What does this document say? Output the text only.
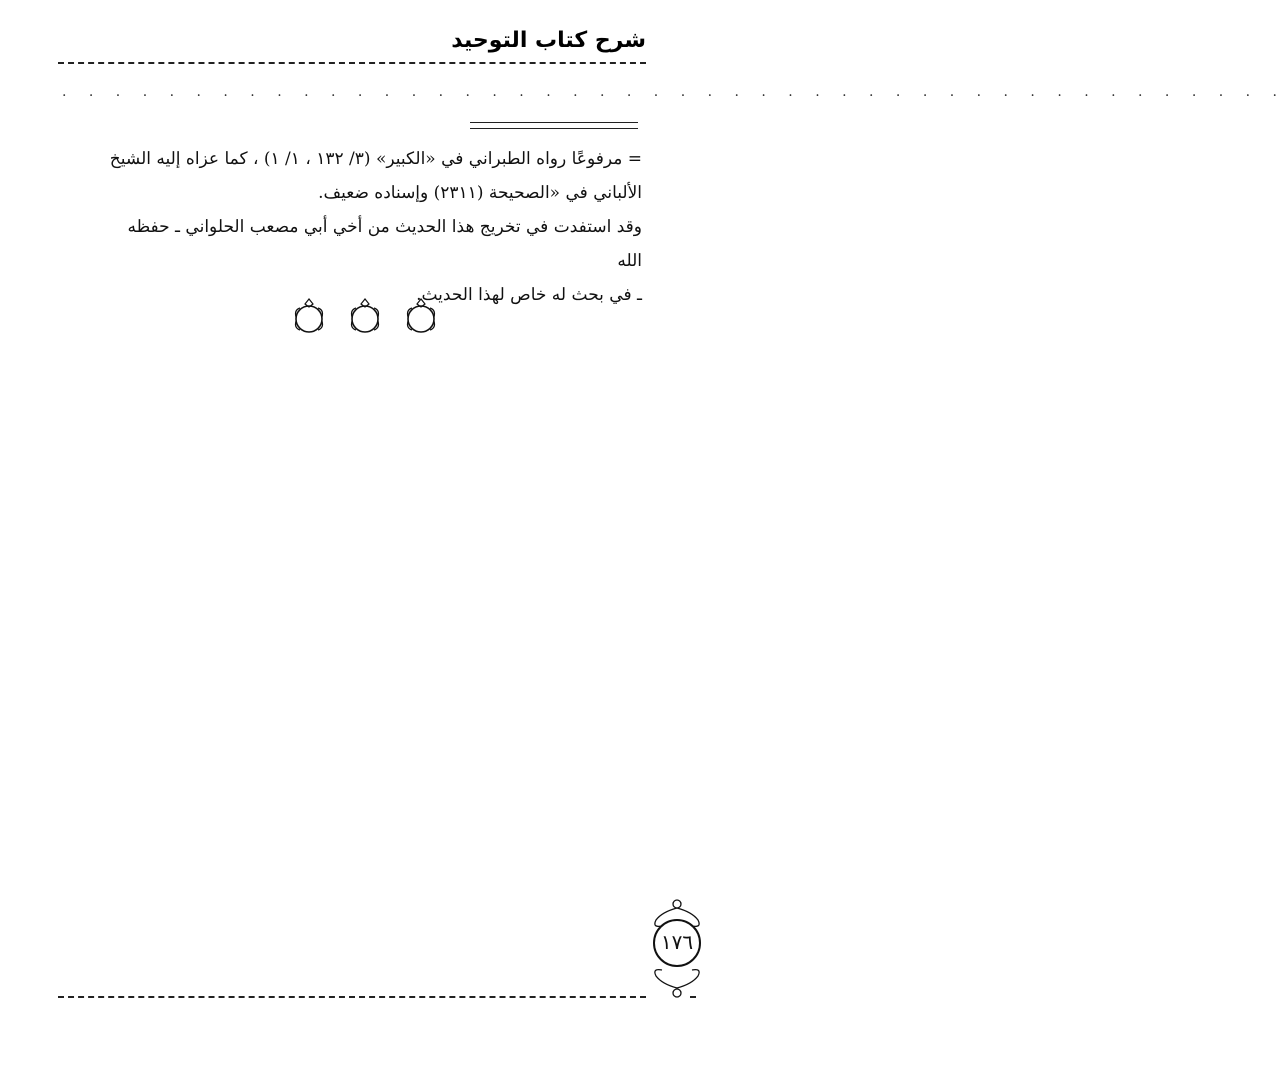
شرح كتاب التوحيد
. . . . . . . . . . . . . . . . . . . . . . . . . . . . . . . . . . . . . . . . . . . . . .

= مرفوعًا رواه الطبراني في «الكبير» (٣/ ١٣٢ ، ١/ ١) ، كما عزاه إليه الشيخ

الألباني في «الصحيحة (٢٣١١) وإسناده ضعيف.

وقد استفدت في تخريج هذا الحديث من أخي أبي مصعب الحلواني ـ حفظه الله

ـ في بحث له خاص لهذا الحديث.

١٧٦
